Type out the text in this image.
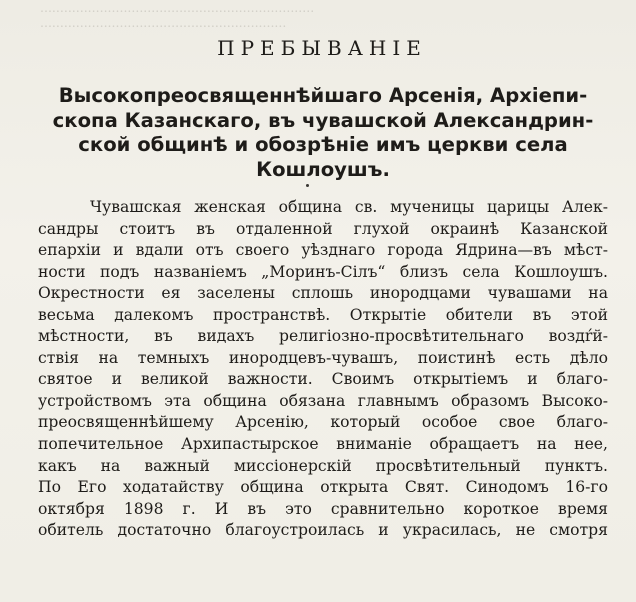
.....................................................................
..............................................................
ПРЕБЫВАНІЕ
Высокопреосвященнѣйшаго Арсенія, Архіепи-
скопа Казанскаго, въ чувашской Александрин-
ской общинѣ и обозрѣніе имъ церкви села
Кошлоушъ.
Чувашская женская община св. мученицы царицы Алек-
сандры стоитъ въ отдаленной глухой окраинѣ Казанской
епархіи и вдали отъ своего уѣзднаго города Ядрина—въ мѣст-
ности подъ названіемъ „Моринъ-Сілъ“ близъ села Кошлоушъ.
Окрестности ея заселены сплошь инородцами чувашами на
весьма далекомъ пространствѣ. Открытіе обители въ этой
мѣстности, въ видахъ религіозно-просвѣтительнаго воздŕй-
ствія на темныхъ инородцевъ-чувашъ, поистинѣ есть дѣло
святое и великой важности. Своимъ открытіемъ и благо-
устройствомъ эта община обязана главнымъ образомъ Высоко-
преосвященнѣйшему Арсенію, который особое свое благо-
попечительное Архипастырское вниманіе обращаетъ на нее,
какъ на важный миссіонерскій просвѣтительный пунктъ.
По Его ходатайству община открыта Свят. Синодомъ 16-го
октября 1898 г. И въ это сравнительно короткое время
обитель достаточно благоустроилась и украсилась, не смотря
